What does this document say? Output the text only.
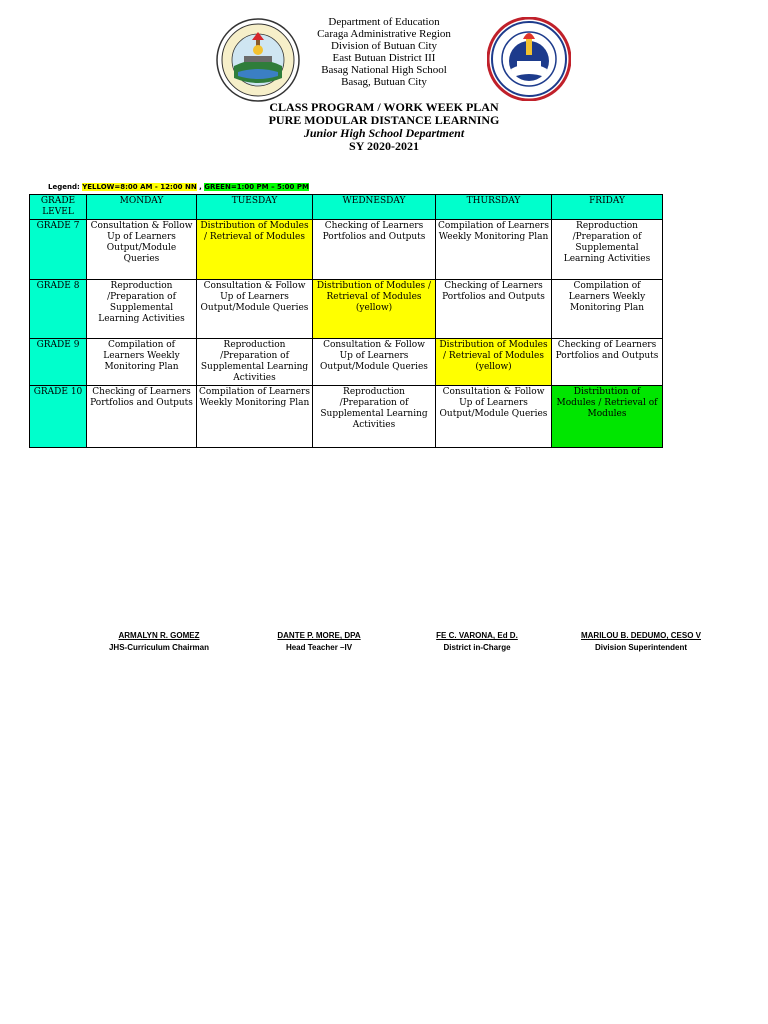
Department of Education
Caraga Administrative Region
Division of Butuan City
East Butuan District III
Basag National High School
Basag, Butuan City
CLASS PROGRAM / WORK WEEK PLAN
PURE MODULAR DISTANCE LEARNING
Junior High School Department
SY 2020-2021
Legend: YELLOW=8:00 AM - 12:00 NN , GREEN=1:00 PM – 5:00 PM
GRADE LEVEL	MONDAY	TUESDAY	WEDNESDAY	THURSDAY	FRIDAY
GRADE 7	Consultation & Follow Up of Learners Output/Module Queries	Distribution of Modules / Retrieval of Modules	Checking of Learners Portfolios and Outputs	Compilation of Learners Weekly Monitoring Plan	Reproduction /Preparation of Supplemental Learning Activities
GRADE 8	Reproduction /Preparation of Supplemental Learning Activities	Consultation & Follow Up of Learners Output/Module Queries	Distribution of Modules / Retrieval of Modules (yellow)	Checking of Learners Portfolios and Outputs	Compilation of Learners Weekly Monitoring Plan
GRADE 9	Compilation of Learners Weekly Monitoring Plan	Reproduction /Preparation of Supplemental Learning Activities	Consultation & Follow Up of Learners Output/Module Queries	Distribution of Modules / Retrieval of Modules (yellow)	Checking of Learners Portfolios and Outputs
GRADE 10	Checking of Learners Portfolios and Outputs	Compilation of Learners Weekly Monitoring Plan	Reproduction /Preparation of Supplemental Learning Activities	Consultation & Follow Up of Learners Output/Module Queries	Distribution of Modules / Retrieval of Modules
ARMALYN R. GOMEZ
JHS-Curriculum Chairman
DANTE P. MORE, DPA
Head Teacher –IV
FE C. VARONA, Ed D.
District in-Charge
MARILOU B. DEDUMO, CESO V
Division Superintendent
